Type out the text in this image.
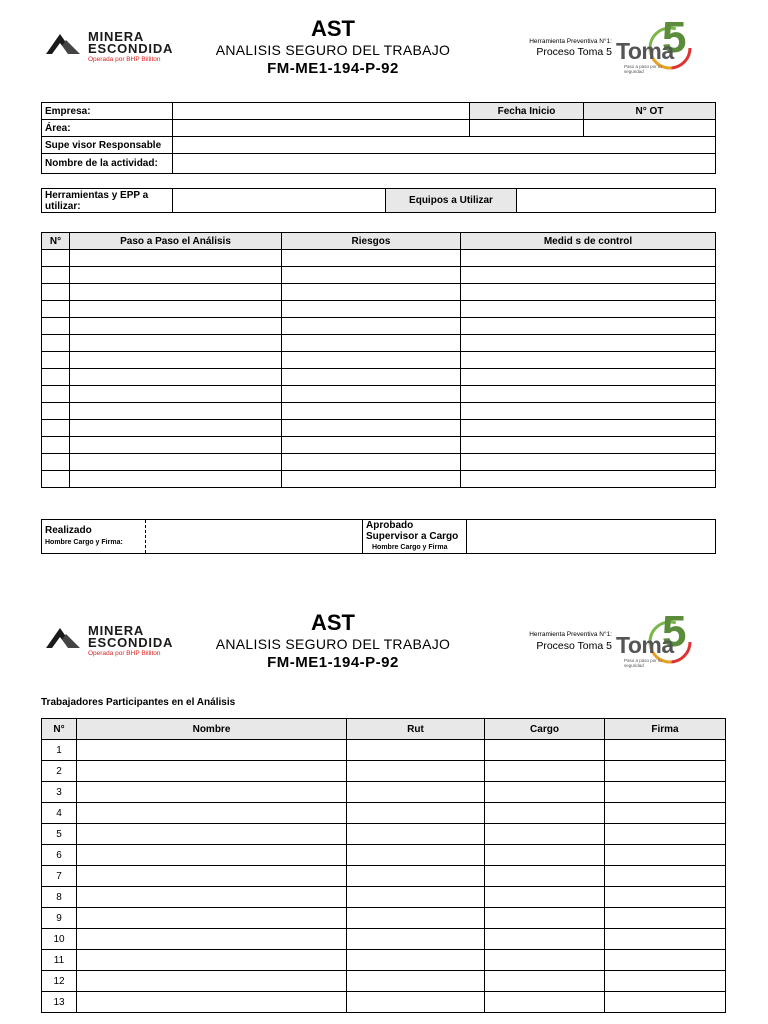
MINERA
ESCONDIDA
Operada por BHP Billiton
AST
ANALISIS SEGURO DEL TRABAJO
FM-ME1-194-P-92
Herramienta Preventiva N°1:
Proceso Toma 5 5
Toma
Paso a paso por tu seguridad
Empresa:		Fecha Inicio	N° OT
Área:			
Supe visor Responsable			
Nombre de la actividad:			
Herramientas y EPP a utilizar:		Equipos a Utilizar	
N°	Paso a Paso el Análisis	Riesgos	Medid s de control

Realizado
Hombre Cargo y Firma:

Aprobado
Supervisor a Cargo
Hombre Cargo y Firma

MINERA
ESCONDIDA
Operada por BHP Billiton
AST
ANALISIS SEGURO DEL TRABAJO
FM-ME1-194-P-92
Herramienta Preventiva N°1:
Proceso Toma 5 5
Toma
Paso a paso por tu seguridad
Trabajadores Participantes en el Análisis
N°	Nombre	Rut	Cargo	Firma
1				
2				
3				
4				
5				
6				
7				
8				
9				
10				
11				
12				
13				
